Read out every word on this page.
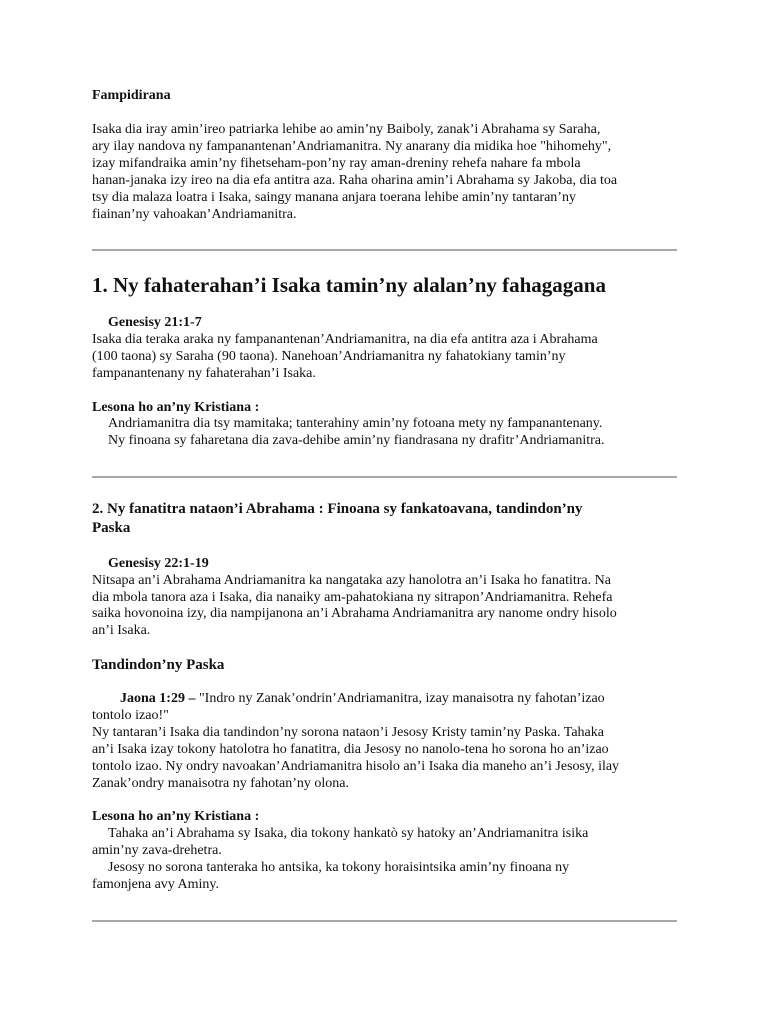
Fampidirana
Isaka dia iray amin’ireo patriarka lehibe ao amin’ny Baiboly, zanak’i Abrahama sy Saraha,
ary ilay nandova ny fampanantenan’Andriamanitra. Ny anarany dia midika hoe "hihomehy",
izay mifandraika amin’ny fihetseham-pon’ny ray aman-dreniny rehefa nahare fa mbola
hanan-janaka izy ireo na dia efa antitra aza. Raha oharina amin’i Abrahama sy Jakoba, dia toa
tsy dia malaza loatra i Isaka, saingy manana anjara toerana lehibe amin’ny tantaran’ny
fiainan’ny vahoakan’Andriamanitra.
1. Ny fahaterahan’i Isaka tamin’ny alalan’ny fahagagana
Genesisy 21:1-7
Isaka dia teraka araka ny fampanantenan’Andriamanitra, na dia efa antitra aza i Abrahama
(100 taona) sy Saraha (90 taona). Nanehoan’Andriamanitra ny fahatokiany tamin’ny
fampanantenany ny fahaterahan’i Isaka.
Lesona ho an’ny Kristiana :
Andriamanitra dia tsy mamitaka; tanterahiny amin’ny fotoana mety ny fampanantenany.
Ny finoana sy faharetana dia zava-dehibe amin’ny fiandrasana ny drafitr’Andriamanitra.
2. Ny fanatitra nataon’i Abrahama : Finoana sy fankatoavana, tandindon’ny
Paska
Genesisy 22:1-19
Nitsapa an’i Abrahama Andriamanitra ka nangataka azy hanolotra an’i Isaka ho fanatitra. Na
dia mbola tanora aza i Isaka, dia nanaiky am-pahatokiana ny sitrapon’Andriamanitra. Rehefa
saika hovonoina izy, dia nampijanona an’i Abrahama Andriamanitra ary nanome ondry hisolo
an’i Isaka.
Tandindon’ny Paska
Jaona 1:29 – "Indro ny Zanak’ondrin’Andriamanitra, izay manaisotra ny fahotan’izao
tontolo izao!"
Ny tantaran’i Isaka dia tandindon’ny sorona nataon’i Jesosy Kristy tamin’ny Paska. Tahaka
an’i Isaka izay tokony hatolotra ho fanatitra, dia Jesosy no nanolo-tena ho sorona ho an’izao
tontolo izao. Ny ondry navoakan’Andriamanitra hisolo an’i Isaka dia maneho an’i Jesosy, ilay
Zanak’ondry manaisotra ny fahotan’ny olona.
Lesona ho an’ny Kristiana :
Tahaka an’i Abrahama sy Isaka, dia tokony hankatò sy hatoky an’Andriamanitra isika
amin’ny zava-drehetra.
Jesosy no sorona tanteraka ho antsika, ka tokony horaisintsika amin’ny finoana ny
famonjena avy Aminy.
